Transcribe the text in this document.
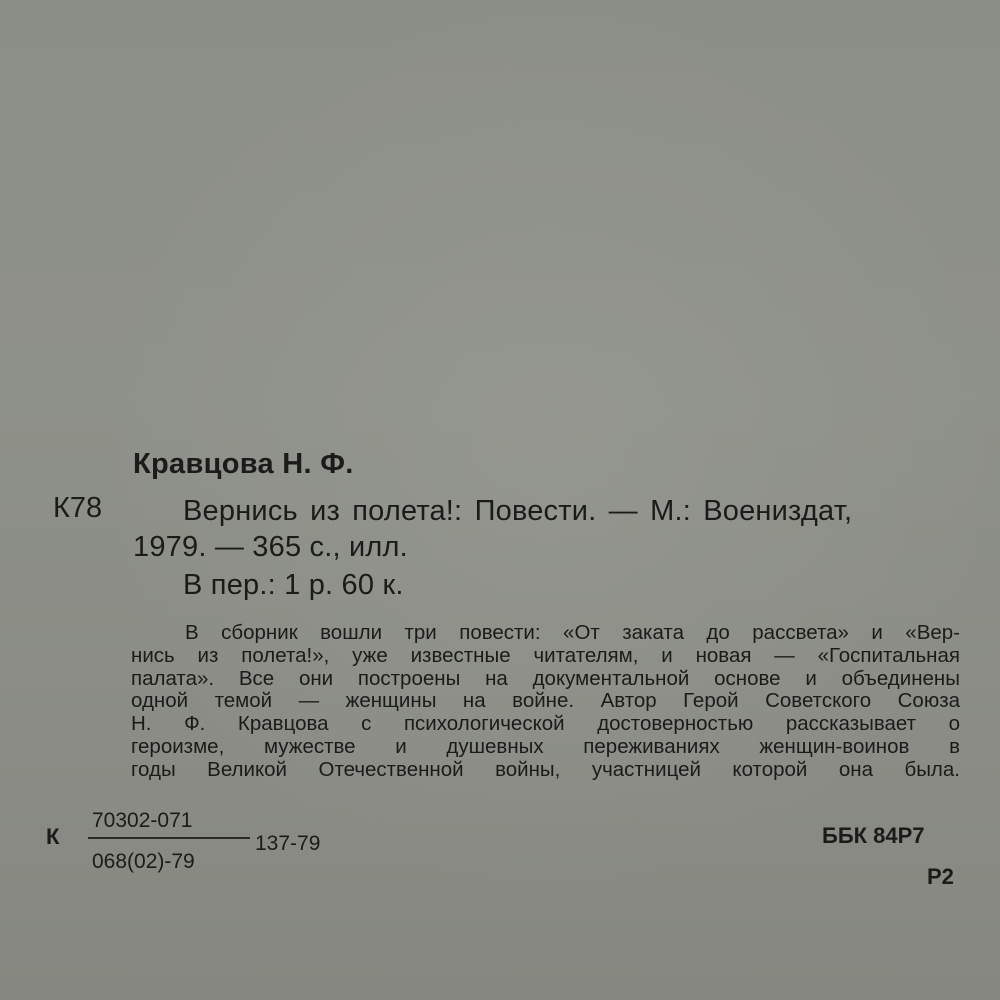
Кравцова Н. Ф.
К78	Вернись из полета!: Повести. — М.: Воениздат,
1979. — 365 с., илл.
В пер.: 1 р. 60 к.
В сборник вошли три повести: «От заката до рассвета» и «Вер-
нись из полета!», уже известные читателям, и новая — «Госпитальная
палата». Все они построены на документальной основе и объединены
одной темой — женщины на войне. Автор Герой Советского Союза
Н. Ф. Кравцова с психологической достоверностью рассказывает о
героизме, мужестве и душевных переживаниях женщин-воинов в
годы Великой Отечественной войны, участницей которой она была.
К
70302-071
068(02)-79
137-79	ББК 84Р7
Р2
